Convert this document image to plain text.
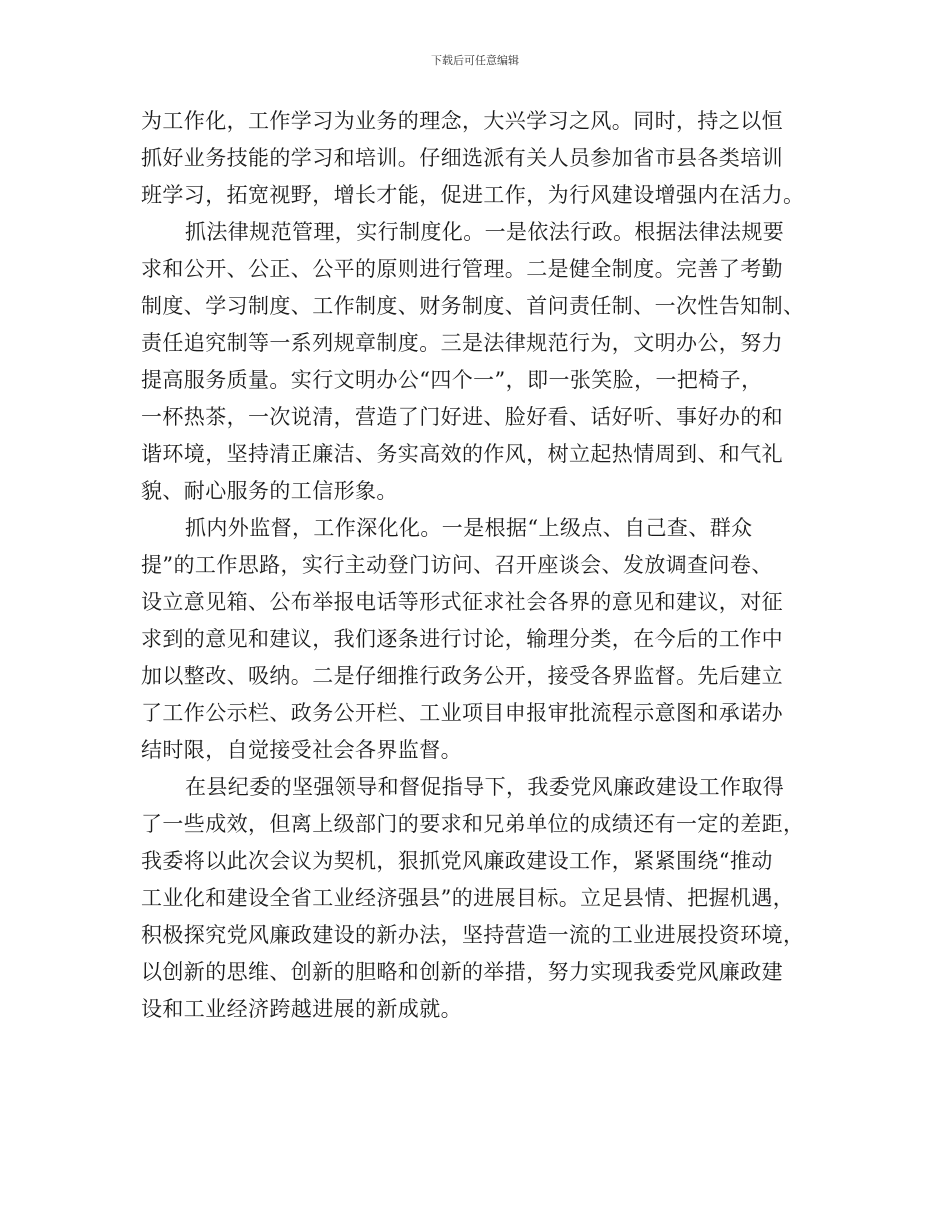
下载后可任意编辑
为工作化，工作学习为业务的理念，大兴学习之风。同时，持之以恒
抓好业务技能的学习和培训。仔细选派有关人员参加省市县各类培训
班学习，拓宽视野，增长才能，促进工作，为行风建设增强内在活力。
抓法律规范管理，实行制度化。一是依法行政。根据法律法规要
求和公开、公正、公平的原则进行管理。二是健全制度。完善了考勤
制度、学习制度、工作制度、财务制度、首问责任制、一次性告知制、
责任追究制等一系列规章制度。三是法律规范行为，文明办公，努力
提高服务质量。实行文明办公“四个一”，即一张笑脸，一把椅子，
一杯热茶，一次说清，营造了门好进、脸好看、话好听、事好办的和
谐环境，坚持清正廉洁、务实高效的作风，树立起热情周到、和气礼
貌、耐心服务的工信形象。
抓内外监督，工作深化化。一是根据“上级点、自己查、群众
提”的工作思路，实行主动登门访问、召开座谈会、发放调查问卷、
设立意见箱、公布举报电话等形式征求社会各界的意见和建议，对征
求到的意见和建议，我们逐条进行讨论，输理分类，在今后的工作中
加以整改、吸纳。二是仔细推行政务公开，接受各界监督。先后建立
了工作公示栏、政务公开栏、工业项目申报审批流程示意图和承诺办
结时限，自觉接受社会各界监督。
在县纪委的坚强领导和督促指导下，我委党风廉政建设工作取得
了一些成效，但离上级部门的要求和兄弟单位的成绩还有一定的差距，
我委将以此次会议为契机，狠抓党风廉政建设工作，紧紧围绕“推动
工业化和建设全省工业经济强县”的进展目标。立足县情、把握机遇，
积极探究党风廉政建设的新办法，坚持营造一流的工业进展投资环境，
以创新的思维、创新的胆略和创新的举措，努力实现我委党风廉政建
设和工业经济跨越进展的新成就。
